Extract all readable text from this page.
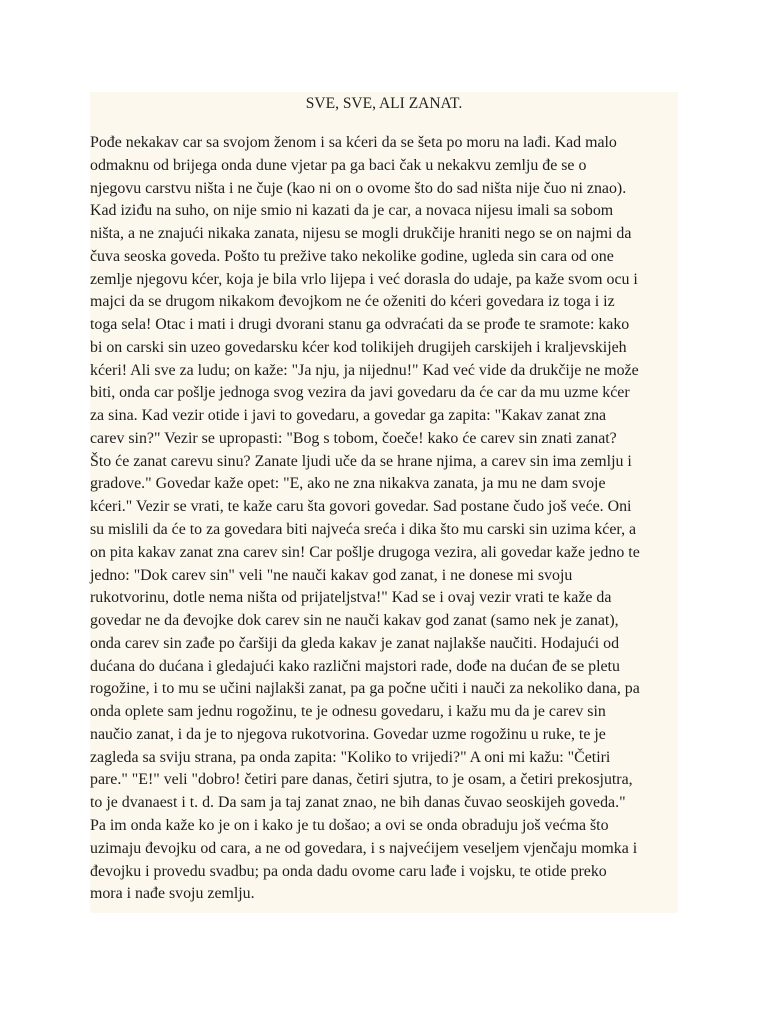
SVE, SVE, ALI ZANAT.
Pođe nekakav car sa svojom ženom i sa kćeri da se šeta po moru na lađi. Kad malo
odmaknu od brijega onda dune vjetar pa ga baci čak u nekakvu zemlju đe se o
njegovu carstvu ništa i ne čuje (kao ni on o ovome što do sad ništa nije čuo ni znao).
Kad iziđu na suho, on nije smio ni kazati da je car, a novaca nijesu imali sa sobom
ništa, a ne znajući nikaka zanata, nijesu se mogli drukčije hraniti nego se on najmi da
čuva seoska goveda. Pošto tu preživе tako nekolike godine, ugleda sin cara od one
zemlje njegovu kćer, koja je bila vrlo lijepa i već dorasla do udaje, pa kaže svom ocu i
majci da se drugom nikakom đevojkom ne će oženiti do kćeri govedara iz toga i iz
toga sela! Otac i mati i drugi dvorani stanu ga odvraćati da se prođe te sramote: kako
bi on carski sin uzeo govedarsku kćer kod tolikijeh drugijeh carskijeh i kraljevskijeh
kćeri! Ali sve za ludu; on kaže: "Ja nju, ja nijednu!" Kad već vide da drukčije ne može
biti, onda car pošlje jednoga svog vezira da javi govedaru da će car da mu uzme kćer
za sina. Kad vezir otide i javi to govedaru, a govedar ga zapita: "Kakav zanat zna
carev sin?" Vezir se upropasti: "Bog s tobom, čoeče! kako će carev sin znati zanat?
Što će zanat carevu sinu? Zanate ljudi uče da se hrane njima, a carev sin ima zemlju i
gradove." Govedar kaže opet: "E, ako ne zna nikakva zanata, ja mu ne dam svoje
kćeri." Vezir se vrati, te kaže caru šta govori govedar. Sad postane čudo još veće. Oni
su mislili da će to za govedara biti najveća sreća i dika što mu carski sin uzima kćer, a
on pita kakav zanat zna carev sin! Car pošlje drugoga vezira, ali govedar kaže jedno te
jedno: "Dok carev sin" veli "ne nauči kakav god zanat, i ne donese mi svoju
rukotvorinu, dotle nema ništa od prijateljstva!" Kad se i ovaj vezir vrati te kaže da
govedar ne da đevojke dok carev sin ne nauči kakav god zanat (samo nek je zanat),
onda carev sin zađe po čaršiji da gleda kakav je zanat najlakše naučiti. Hodajući od
dućana do dućana i gledajući kako različni majstori rade, dođe na dućan đe se pletu
rogožine, i to mu se učini najlakši zanat, pa ga počne učiti i nauči za nekoliko dana, pa
onda oplete sam jednu rogožinu, te je odnesu govedaru, i kažu mu da je carev sin
naučio zanat, i da je to njegova rukotvorina. Govedar uzme rogožinu u ruke, te je
zagleda sa sviju strana, pa onda zapita: "Koliko to vrijedi?" A oni mi kažu: "Četiri
pare." "E!" veli "dobro! četiri pare danas, četiri sjutra, to je osam, a četiri prekosjutra,
to je dvanaest i t. d. Da sam ja taj zanat znao, ne bih danas čuvao seoskijeh goveda."
Pa im onda kaže ko je on i kako je tu došao; a ovi se onda obraduju još većma što
uzimaju đevojku od cara, a ne od govedara, i s najvećijem veseljem vjenčaju momka i
đevojku i provedu svadbu; pa onda dadu ovome caru lađe i vojsku, te otide preko
mora i nađe svoju zemlju.
